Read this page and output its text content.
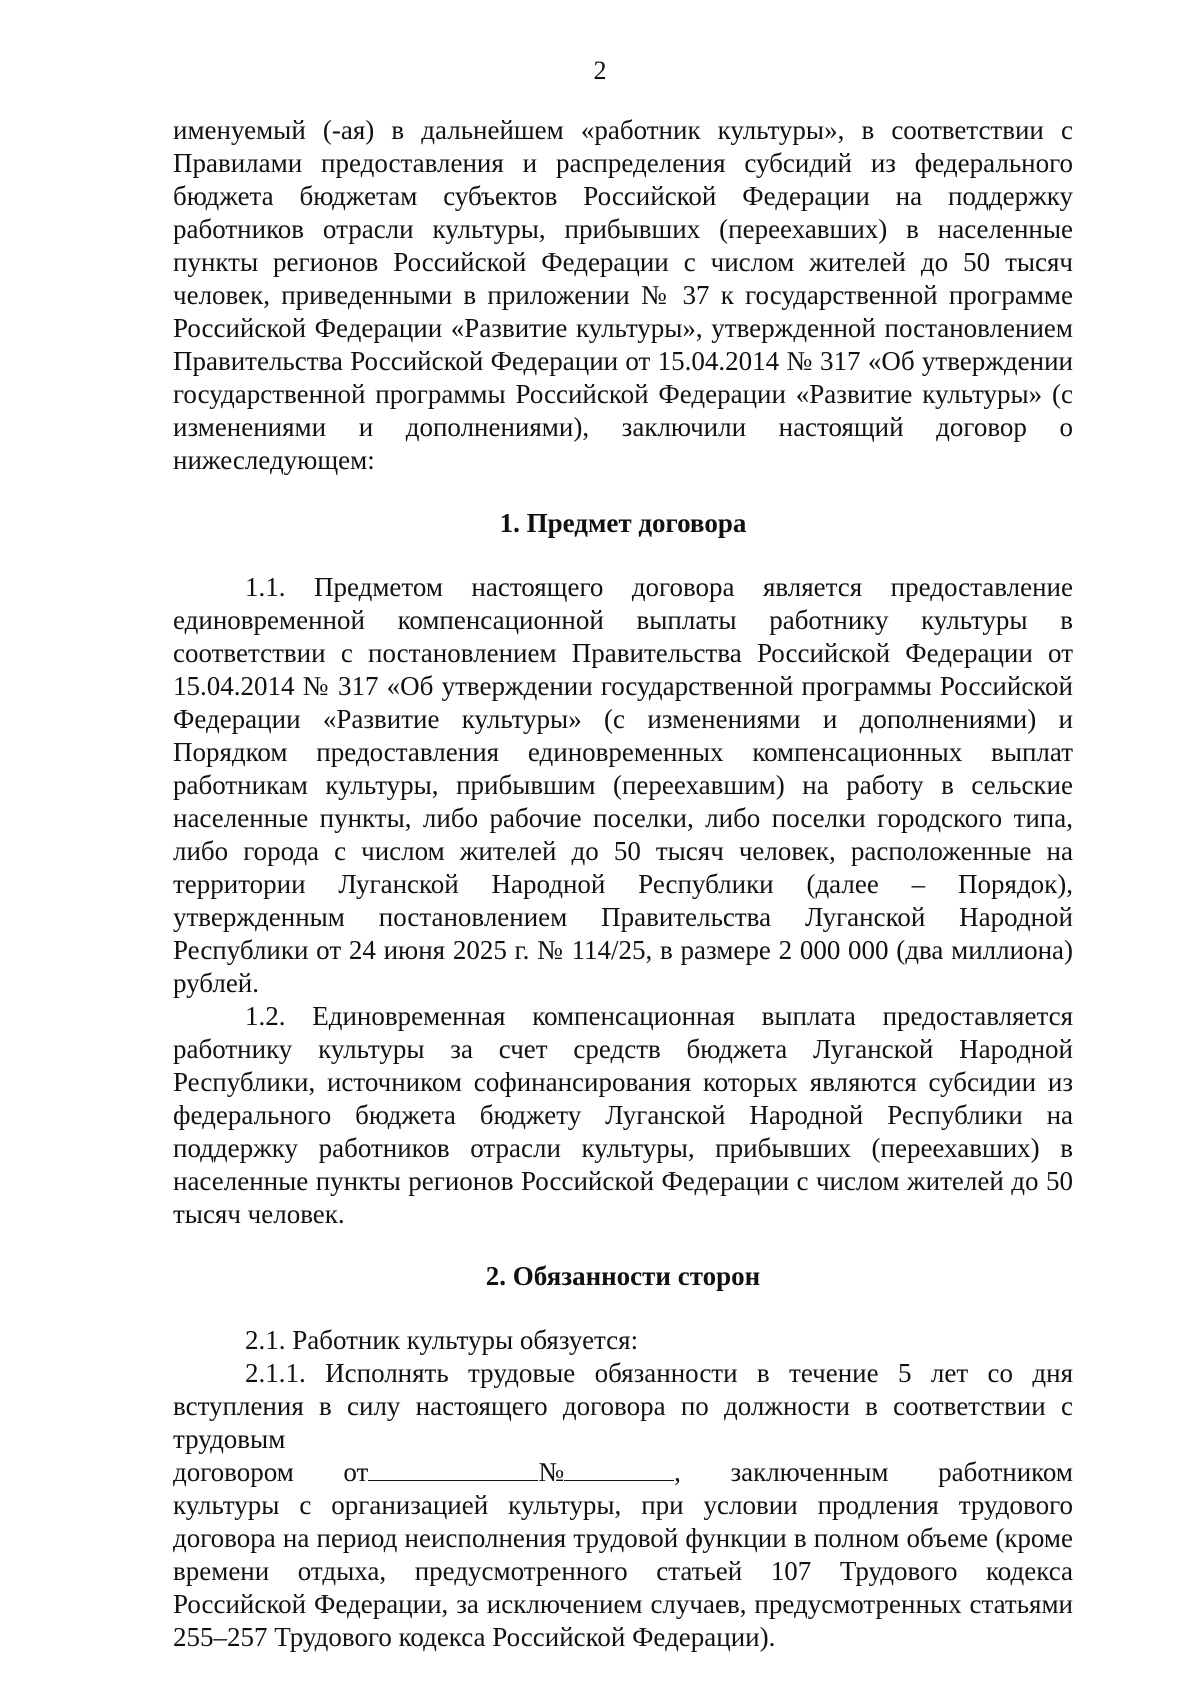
2

именуемый (-ая) в дальнейшем «работник культуры», в соответствии с Правилами предоставления и распределения субсидий из федерального бюджета бюджетам субъектов Российской Федерации на поддержку работников отрасли культуры, прибывших (переехавших) в населенные пункты регионов Российской Федерации с числом жителей до 50 тысяч человек, приведенными в приложении № 37 к государственной программе Российской Федерации «Развитие культуры», утвержденной постановлением Правительства Российской Федерации от 15.04.2014 № 317 «Об утверждении государственной программы Российской Федерации «Развитие культуры» (с изменениями и дополнениями), заключили настоящий договор о нижеследующем:

1. Предмет договора

1.1. Предметом настоящего договора является предоставление единовременной компенсационной выплаты работнику культуры в соответствии с постановлением Правительства Российской Федерации от 15.04.2014 № 317 «Об утверждении государственной программы Российской Федерации «Развитие культуры» (с изменениями и дополнениями) и Порядком предоставления единовременных компенсационных выплат работникам культуры, прибывшим (переехавшим) на работу в сельские населенные пункты, либо рабочие поселки, либо поселки городского типа, либо города с числом жителей до 50 тысяч человек, расположенные на территории Луганской Народной Республики (далее – Порядок), утвержденным постановлением Правительства Луганской Народной Республики от 24 июня 2025 г. № 114/25, в размере 2 000 000 (два миллиона) рублей.

1.2. Единовременная компенсационная выплата предоставляется работнику культуры за счет средств бюджета Луганской Народной Республики, источником софинансирования которых являются субсидии из федерального бюджета бюджету Луганской Народной Республики на поддержку работников отрасли культуры, прибывших (переехавших) в населенные пункты регионов Российской Федерации с числом жителей до 50 тысяч человек.

2. Обязанности сторон

2.1. Работник культуры обязуется:

2.1.1. Исполнять трудовые обязанности в течение 5 лет со дня вступления в силу настоящего договора по должности в соответствии с трудовым

договором от	№	, заключенным работником

культуры с организацией культуры, при условии продления трудового договора на период неисполнения трудовой функции в полном объеме (кроме времени отдыха, предусмотренного статьей 107 Трудового кодекса Российской Федерации, за исключением случаев, предусмотренных статьями 255–257 Трудового кодекса Российской Федерации).
